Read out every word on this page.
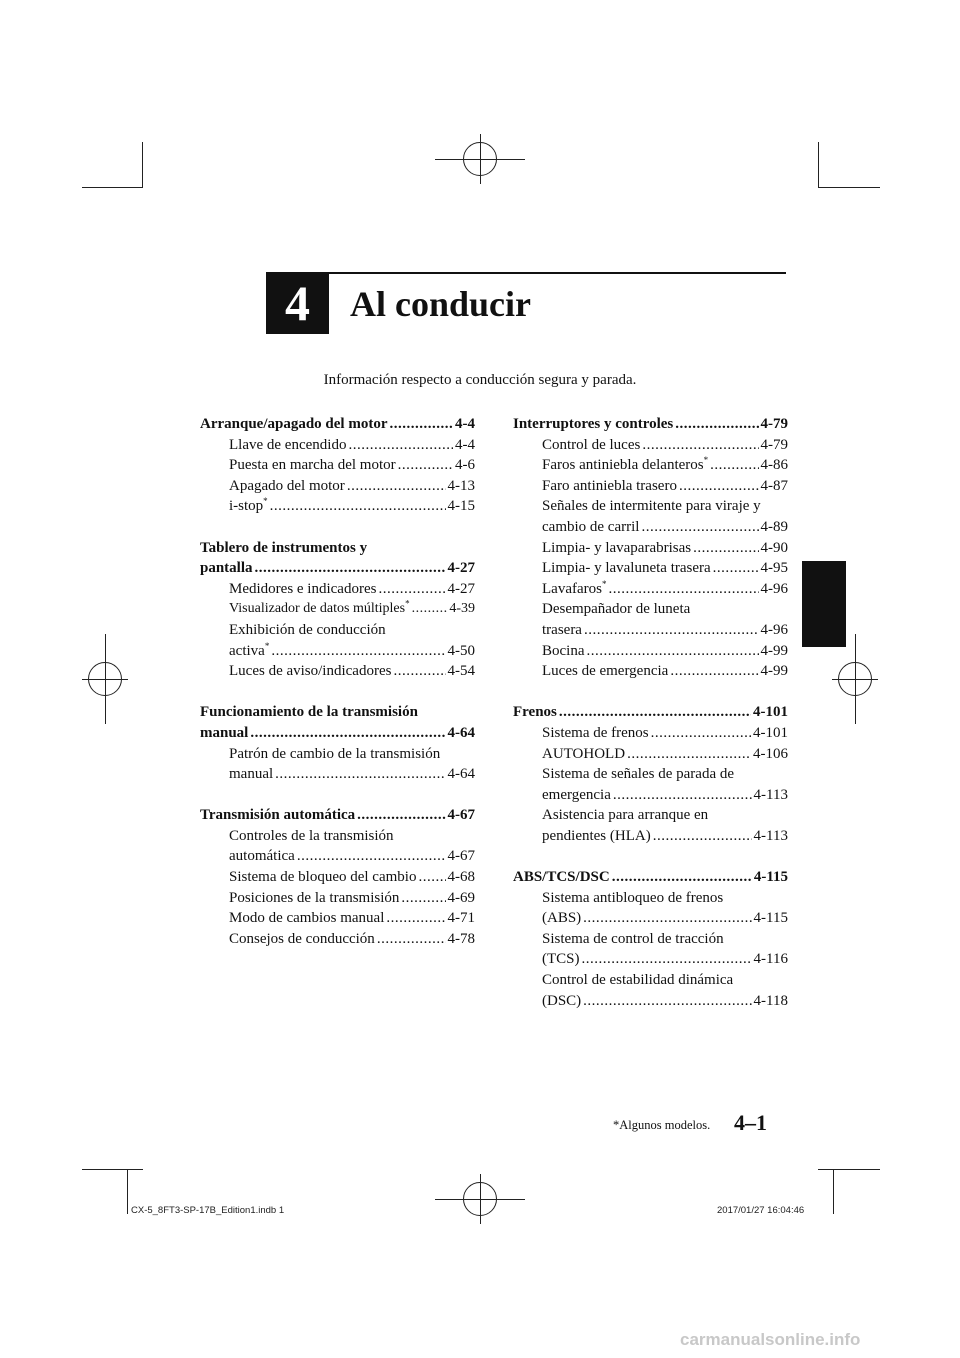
4	Al conducir
Información respecto a conducción segura y parada.
Arranque/apagado del motor .....	4-4
Llave de encendido .....	4-4
Puesta en marcha del motor .....	4-6
Apagado del motor .....	4-13
i-stop* .....	4-15
Tablero de instrumentos y
pantalla .....	4-27
Medidores e indicadores .....	4-27
Visualizador de datos múltiples* .....	4-39
Exhibición de conducción
activa* .....	4-50
Luces de aviso/indicadores .....	4-54
Funcionamiento de la transmisión
manual .....	4-64
Patrón de cambio de la transmisión
manual .....	4-64
Transmisión automática .....	4-67
Controles de la transmisión
automática .....	4-67
Sistema de bloqueo del cambio ..... 4-68
Posiciones de la transmisión .....	4-69
Modo de cambios manual .....	4-71
Consejos de conducción .....	4-78
Interruptores y controles .....	4-79
Control de luces .....	4-79
Faros antiniebla delanteros* .....	4-86
Faro antiniebla trasero .....	4-87
Señales de intermitente para viraje y
cambio de carril .....	4-89
Limpia- y lavaparabrisas .....	4-90
Limpia- y lavaluneta trasera .....	4-95
Lavafaros* .....	4-96
Desempañador de luneta
trasera .....	4-96
Bocina .....	4-99
Luces de emergencia .....	4-99
Frenos .....	4-101
Sistema de frenos .....	4-101
AUTOHOLD .....	4-106
Sistema de señales de parada de
emergencia .....	4-113
Asistencia para arranque en
pendientes (HLA) .....	4-113
ABS/TCS/DSC .....	4-115
Sistema antibloqueo de frenos
(ABS) .....	4-115
Sistema de control de tracción
(TCS) .....	4-116
Control de estabilidad dinámica
(DSC) .....	4-118
*Algunos modelos. 4–1
CX-5_8FT3-SP-17B_Edition1.indb 1	2017/01/27 16:04:46
carmanualsonline.info
